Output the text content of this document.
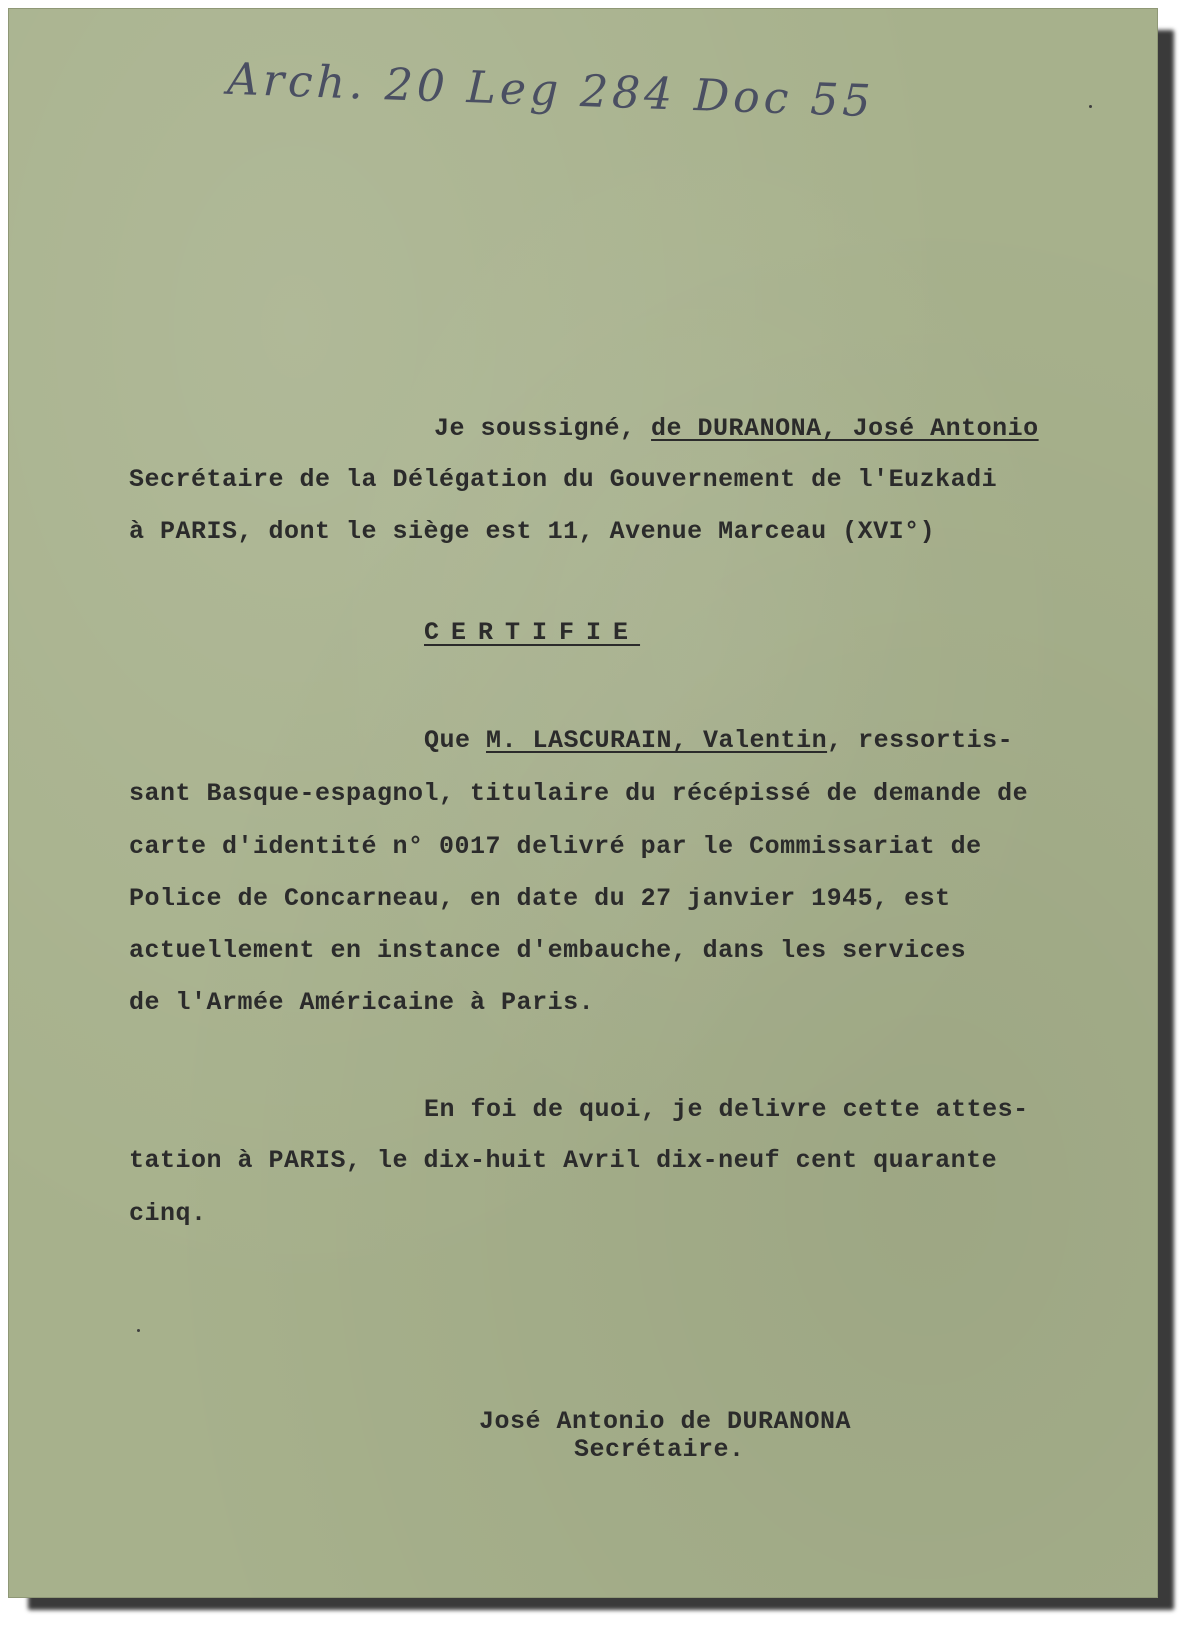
Arch. 20 Leg 284 Doc 55
Je soussigné, de DURANONA, José Antonio
Secrétaire de la Délégation du Gouvernement de l'Euzkadi
à PARIS, dont le siège est 11, Avenue Marceau (XVI°)
CERTIFIE
Que M. LASCURAIN, Valentin, ressortis-
sant Basque-espagnol, titulaire du récépissé de demande de
carte d'identité n° 0017 delivré par le Commissariat de
Police de Concarneau, en date du 27 janvier 1945, est
actuellement en instance d'embauche, dans les services
de l'Armée Américaine à Paris.
En foi de quoi, je delivre cette attes-
tation à PARIS, le dix-huit Avril dix-neuf cent quarante
cinq.
José Antonio de DURANONA
Secrétaire.
